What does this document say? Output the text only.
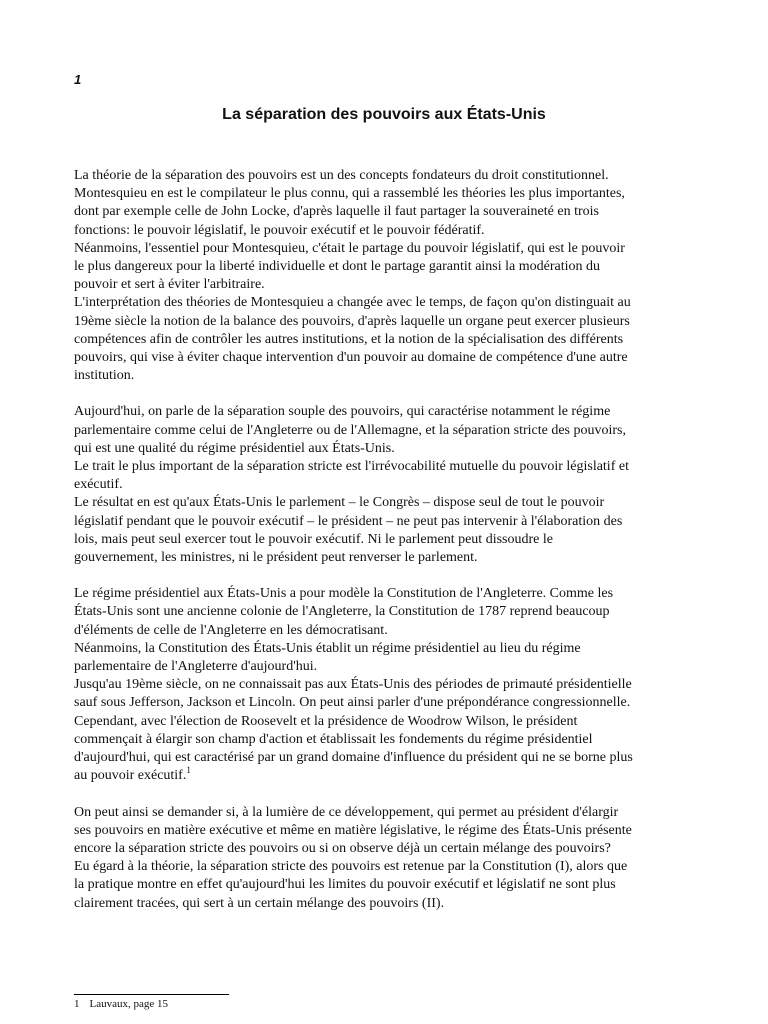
1
La séparation des pouvoirs aux États-Unis

La théorie de la séparation des pouvoirs est un des concepts fondateurs du droit constitutionnel.
Montesquieu en est le compilateur le plus connu, qui a rassemblé les théories les plus importantes,
dont par exemple celle de John Locke, d'après laquelle il faut partager la souveraineté en trois
fonctions: le pouvoir législatif, le pouvoir exécutif et le pouvoir fédératif.
Néanmoins, l'essentiel pour Montesquieu, c'était le partage du pouvoir législatif, qui est le pouvoir
le plus dangereux pour la liberté individuelle et dont le partage garantit ainsi la modération du
pouvoir et sert à éviter l'arbitraire.
L'interprétation des théories de Montesquieu a changée avec le temps, de façon qu'on distinguait au
19ème siècle la notion de la balance des pouvoirs, d'après laquelle un organe peut exercer plusieurs
compétences afin de contrôler les autres institutions, et la notion de la spécialisation des différents
pouvoirs, qui vise à éviter chaque intervention d'un pouvoir au domaine de compétence d'une autre
institution.

Aujourd'hui, on parle de la séparation souple des pouvoirs, qui caractérise notamment le régime
parlementaire comme celui de l'Angleterre ou de l'Allemagne, et la séparation stricte des pouvoirs,
qui est une qualité du régime présidentiel aux États-Unis.
Le trait le plus important de la séparation stricte est l'irrévocabilité mutuelle du pouvoir législatif et
exécutif.
Le résultat en est qu'aux États-Unis le parlement – le Congrès – dispose seul de tout le pouvoir
législatif pendant que le pouvoir exécutif – le président – ne peut pas intervenir à l'élaboration des
lois, mais peut seul exercer tout le pouvoir exécutif. Ni le parlement peut dissoudre le
gouvernement, les ministres, ni le président peut renverser le parlement.

Le régime présidentiel aux États-Unis a pour modèle la Constitution de l'Angleterre. Comme les
États-Unis sont une ancienne colonie de l'Angleterre, la Constitution de 1787 reprend beaucoup
d'éléments de celle de l'Angleterre en les démocratisant.
Néanmoins, la Constitution des États-Unis établit un régime présidentiel au lieu du régime
parlementaire de l'Angleterre d'aujourd'hui.
Jusqu'au 19ème siècle, on ne connaissait pas aux États-Unis des périodes de primauté présidentielle
sauf sous Jefferson, Jackson et Lincoln. On peut ainsi parler d'une prépondérance congressionnelle.
Cependant, avec l'élection de Roosevelt et la présidence de Woodrow Wilson, le président
commençait à élargir son champ d'action et établissait les fondements du régime présidentiel
d'aujourd'hui, qui est caractérisé par un grand domaine d'influence du président qui ne se borne plus
au pouvoir exécutif.$^1$

On peut ainsi se demander si, à la lumière de ce développement, qui permet au président d'élargir
ses pouvoirs en matière exécutive et même en matière législative, le régime des États-Unis présente
encore la séparation stricte des pouvoirs ou si on observe déjà un certain mélange des pouvoirs?
Eu égard à la théorie, la séparation stricte des pouvoirs est retenue par la Constitution (I), alors que
la pratique montre en effet qu'aujourd'hui les limites du pouvoir exécutif et législatif ne sont plus
clairement tracées, qui sert à un certain mélange des pouvoirs (II).

1 Lauvaux, page 15
